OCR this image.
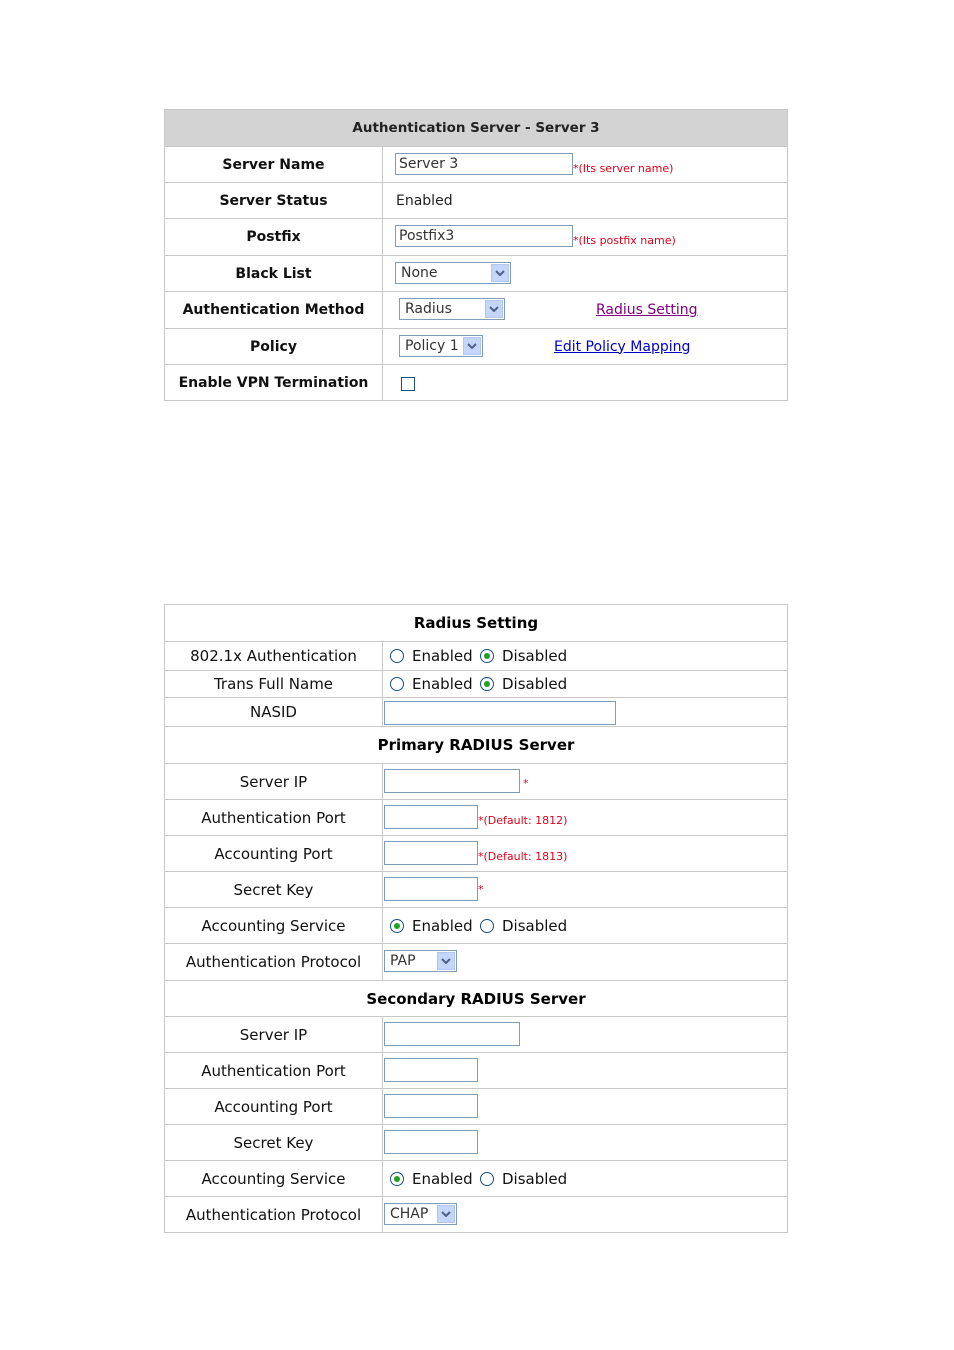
Authentication Server - Server 3
Server Name	Server 3	*(Its server name)
Server Status	Enabled
Postfix	Postfix3	*(Its postfix name)
Black List	None
Authentication Method	Radius	Radius Setting
Policy	Policy 1	Edit Policy Mapping
Enable VPN Termination
Radius Setting
802.1x Authentication	Enabled Disabled
Trans Full Name	Enabled Disabled
NASID
Primary RADIUS Server
Server IP	*
Authentication Port	*(Default: 1812)
Accounting Port	*(Default: 1813)
Secret Key	*
Accounting Service	Enabled Disabled
Authentication Protocol	PAP
Secondary RADIUS Server
Server IP
Authentication Port
Accounting Port
Secret Key
Accounting Service	Enabled Disabled
Authentication Protocol	CHAP
